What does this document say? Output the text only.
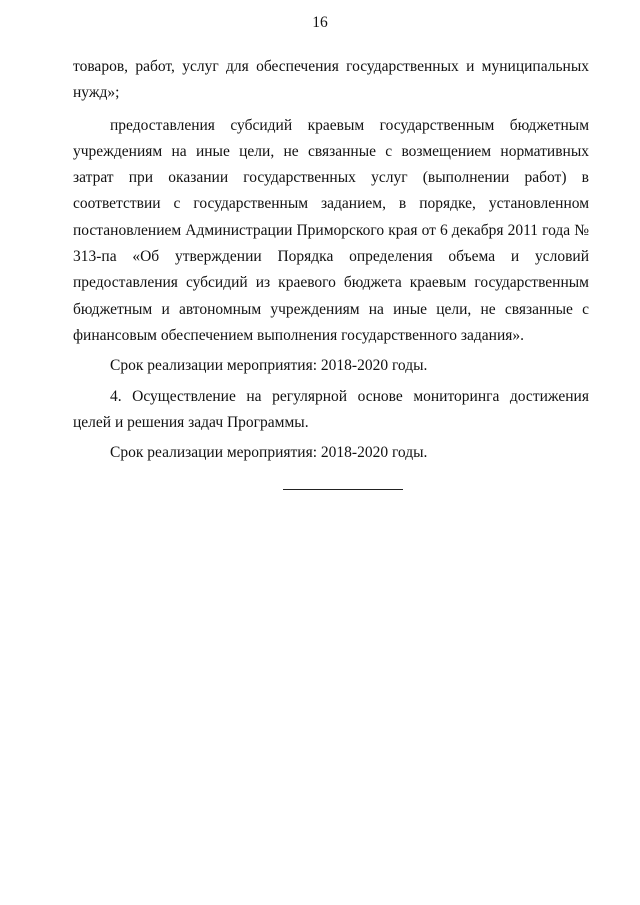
16

товаров, работ, услуг для обеспечения государственных и муниципальных нужд»;

предоставления субсидий краевым государственным бюджетным учреждениям на иные цели, не связанные с возмещением нормативных затрат при оказании государственных услуг (выполнении работ) в соответствии с государственным заданием, в порядке, установленном постановлением Администрации Приморского края от 6 декабря 2011 года № 313-па «Об утверждении Порядка определения объема и условий предоставления субсидий из краевого бюджета краевым государственным бюджетным и автономным учреждениям на иные цели, не связанные с финансовым обеспечением выполнения государственного задания».

Срок реализации мероприятия: 2018-2020 годы.

4. Осуществление на регулярной основе мониторинга достижения целей и решения задач Программы.

Срок реализации мероприятия: 2018-2020 годы.
